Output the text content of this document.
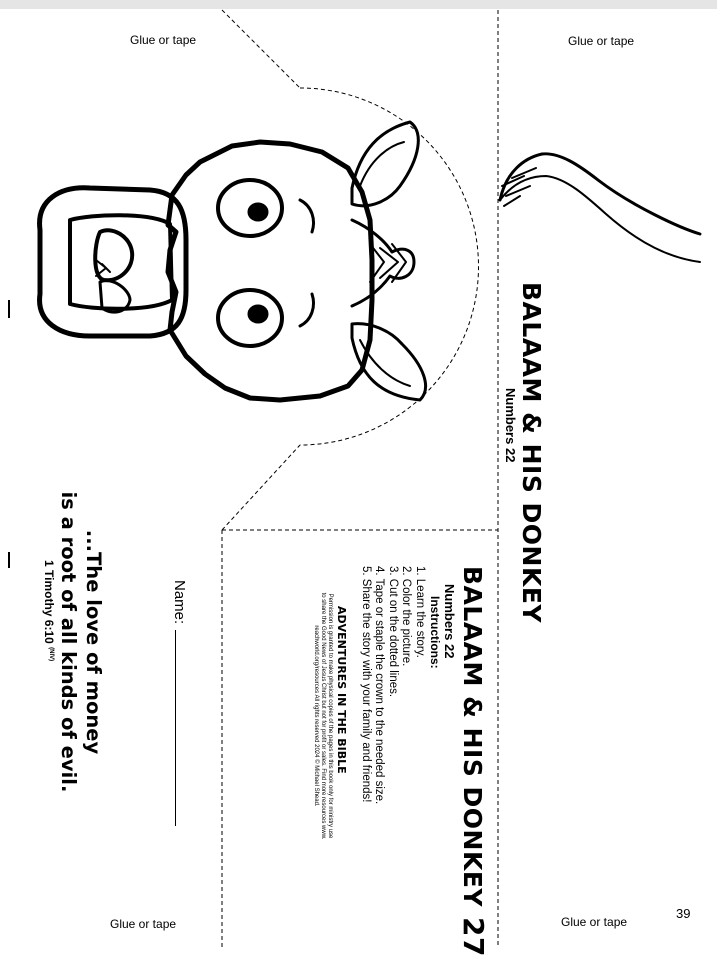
Glue or tape	Glue or tape
Glue or tape	Glue or tape
39
BALAAM & HIS DONKEY
Numbers 22
BALAAM & HIS DONKEY
27
Numbers 22
Instructions:
1. Learn the story.
2. Color the picture.
3. Cut on the dotted lines.
4. Tape or staple the crown to the needed size.
5. Share the story with your family and friends!
ADVENTURES IN THE BIBLE
Permission is granted to make physical copies of the pages in this book only for ministry use
to share the Good News of Jesus Christ but not for profit or sales. Find more resources www.
reachworld.org/resources All rights reserved 2024 © Michael Shead.
Name:
...The love of money
is a root of all kinds of evil.
1 Timothy 6:10 $^{(NIV)}$
